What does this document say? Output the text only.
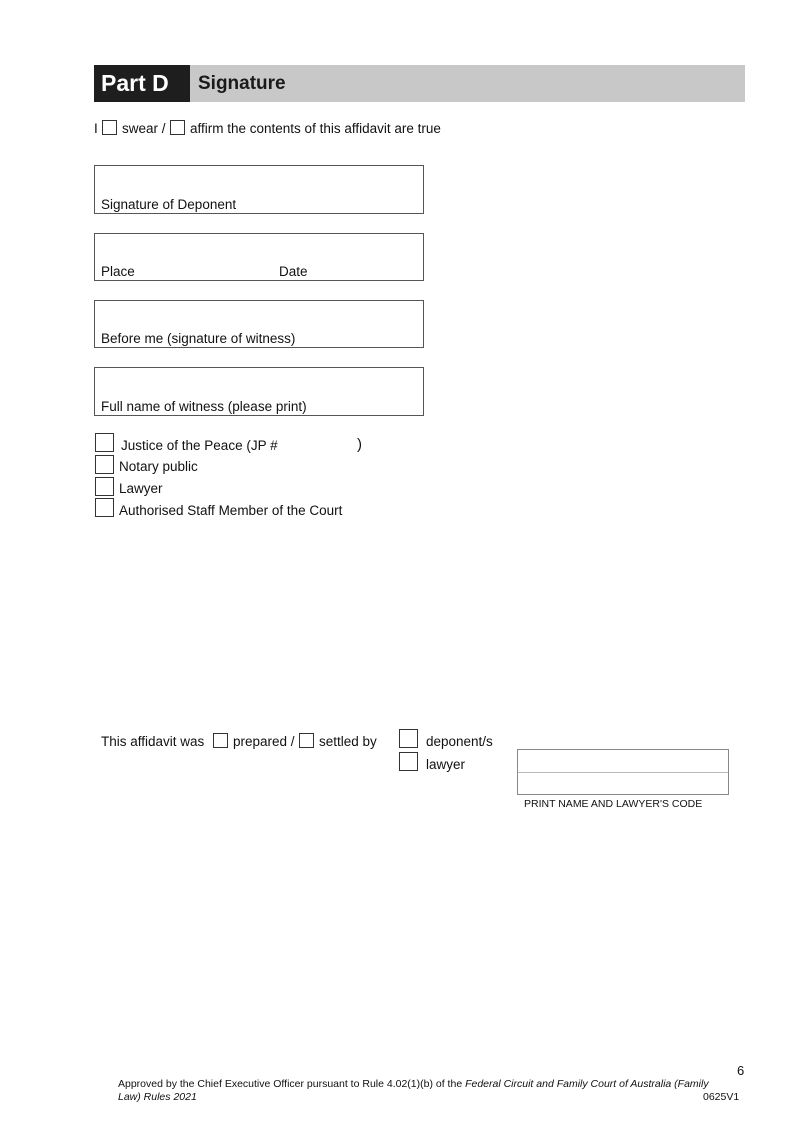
Part D	Signature
I swear / affirm the contents of this affidavit are true
Signature of Deponent
Place	Date
Before me (signature of witness)
Full name of witness (please print)
Justice of the Peace (JP #	)
Notary public
Lawyer
Authorised Staff Member of the Court
This affidavit was prepared / settled by	deponent/s
lawyer
PRINT NAME AND LAWYER'S CODE
6
Approved by the Chief Executive Officer pursuant to Rule 4.02(1)(b) of the Federal Circuit and Family Court of Australia (Family
Law) Rules 2021	0625V1
